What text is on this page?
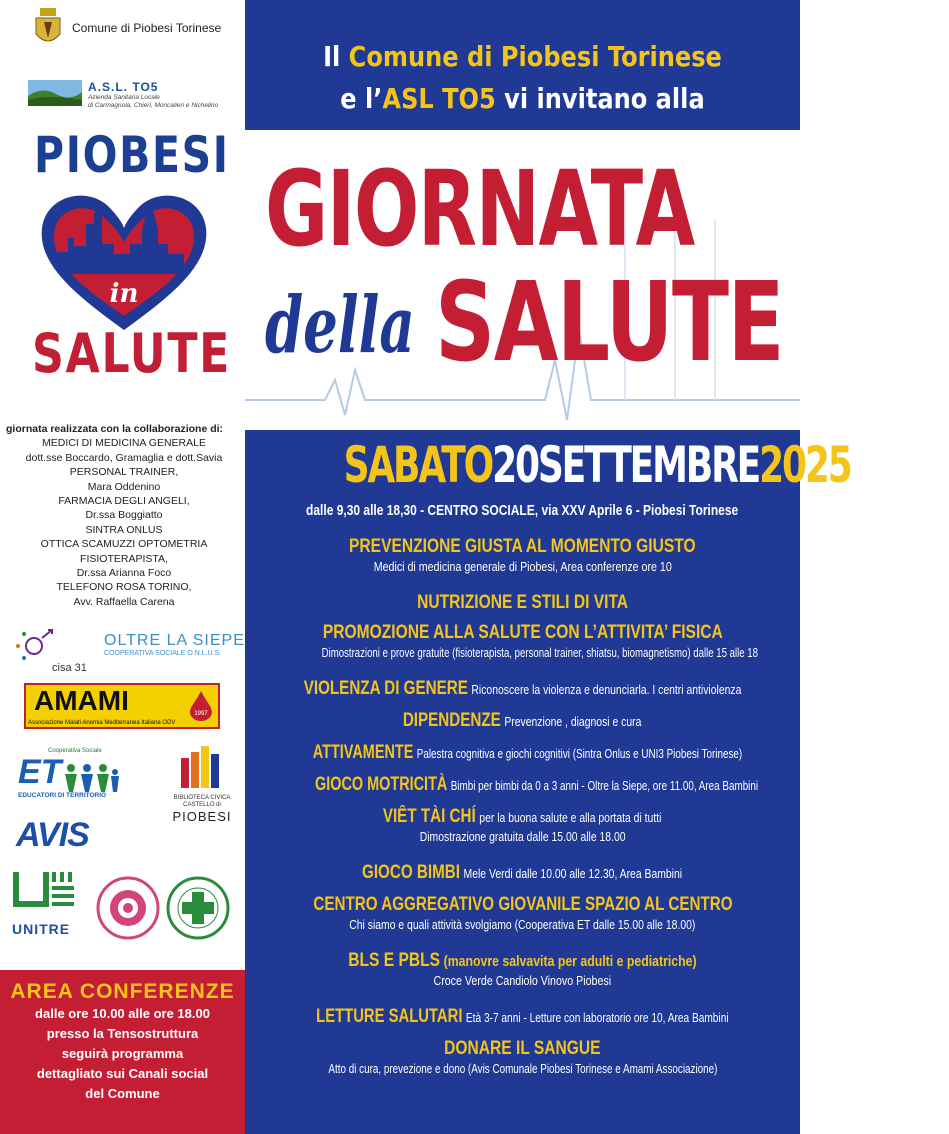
Comune di Piobesi Torinese
A.S.L. TO5
Azienda Sanitaria Locale
di Carmagnola, Chieri, Moncalieri e Nichelino
PIOBESI
in
SALUTE
giornata realizzata con la collaborazione di:
MEDICI DI MEDICINA GENERALE
dott.sse Boccardo, Gramaglia e dott.Savia
PERSONAL TRAINER,
Mara Oddenino
FARMACIA DEGLI ANGELI,
Dr.ssa Boggiatto
SINTRA ONLUS
OTTICA SCAMUZZI OPTOMETRIA
FISIOTERAPISTA,
Dr.ssa Arianna Foco
TELEFONO ROSA TORINO,
Avv. Raffaella Carena
cisa 31
OLTRE LA SIEPE
COOPERATIVA SOCIALE O.N.L.U.S.
AMAMI	1997
Associazione Malati Anemia Mediterranea Italiana ODV
Cooperativa Sociale
ET
EDUCATORI DI TERRITORIO	BIBLIOTECA CIVICA
CASTELLO di
PIOBESI
AVIS
UNITRE
AREA CONFERENZE
dalle ore 10.00 alle ore 18.00
presso la Tensostruttura
seguirà programma
dettagliato sui Canali social
del Comune
Il Comune di Piobesi Torinese
e l’ASL TO5 vi invitano alla
GIORNATA
della SALUTE
SABATO20SETTEMBRE2025
dalle 9,30 alle 18,30 - CENTRO SOCIALE, via XXV Aprile 6 - Piobesi Torinese
PREVENZIONE GIUSTA AL MOMENTO GIUSTO
Medici di medicina generale di Piobesi, Area conferenze ore 10
NUTRIZIONE E STILI DI VITA
PROMOZIONE ALLA SALUTE CON L’ATTIVITA’ FISICA
Dimostrazioni e prove gratuite (fisioterapista, personal trainer, shiatsu, biomagnetismo) dalle 15 alle 18
VIOLENZA DI GENERE Riconoscere la violenza e denunciarla. I centri antiviolenza
DIPENDENZE Prevenzione , diagnosi e cura
ATTIVAMENTE Palestra cognitiva e giochi cognitivi (Sintra Onlus e UNI3 Piobesi Torinese)
GIOCO MOTRICITÀ Bimbi per bimbi da 0 a 3 anni - Oltre la Siepe, ore 11.00, Area Bambini
VIÊT TÀI CHÍ per la buona salute e alla portata di tutti
Dimostrazione gratuita dalle 15.00 alle 18.00
GIOCO BIMBI Mele Verdi dalle 10.00 alle 12.30, Area Bambini
CENTRO AGGREGATIVO GIOVANILE SPAZIO AL CENTRO
Chi siamo e quali attività svolgiamo (Cooperativa ET dalle 15.00 alle 18.00)
BLS E PBLS (manovre salvavita per adulti e pediatriche)
Croce Verde Candiolo Vinovo Piobesi
LETTURE SALUTARI Età 3-7 anni - Letture con laboratorio ore 10, Area Bambini
DONARE IL SANGUE
Atto di cura, prevezione e dono (Avis Comunale Piobesi Torinese e Amami Associazione)
